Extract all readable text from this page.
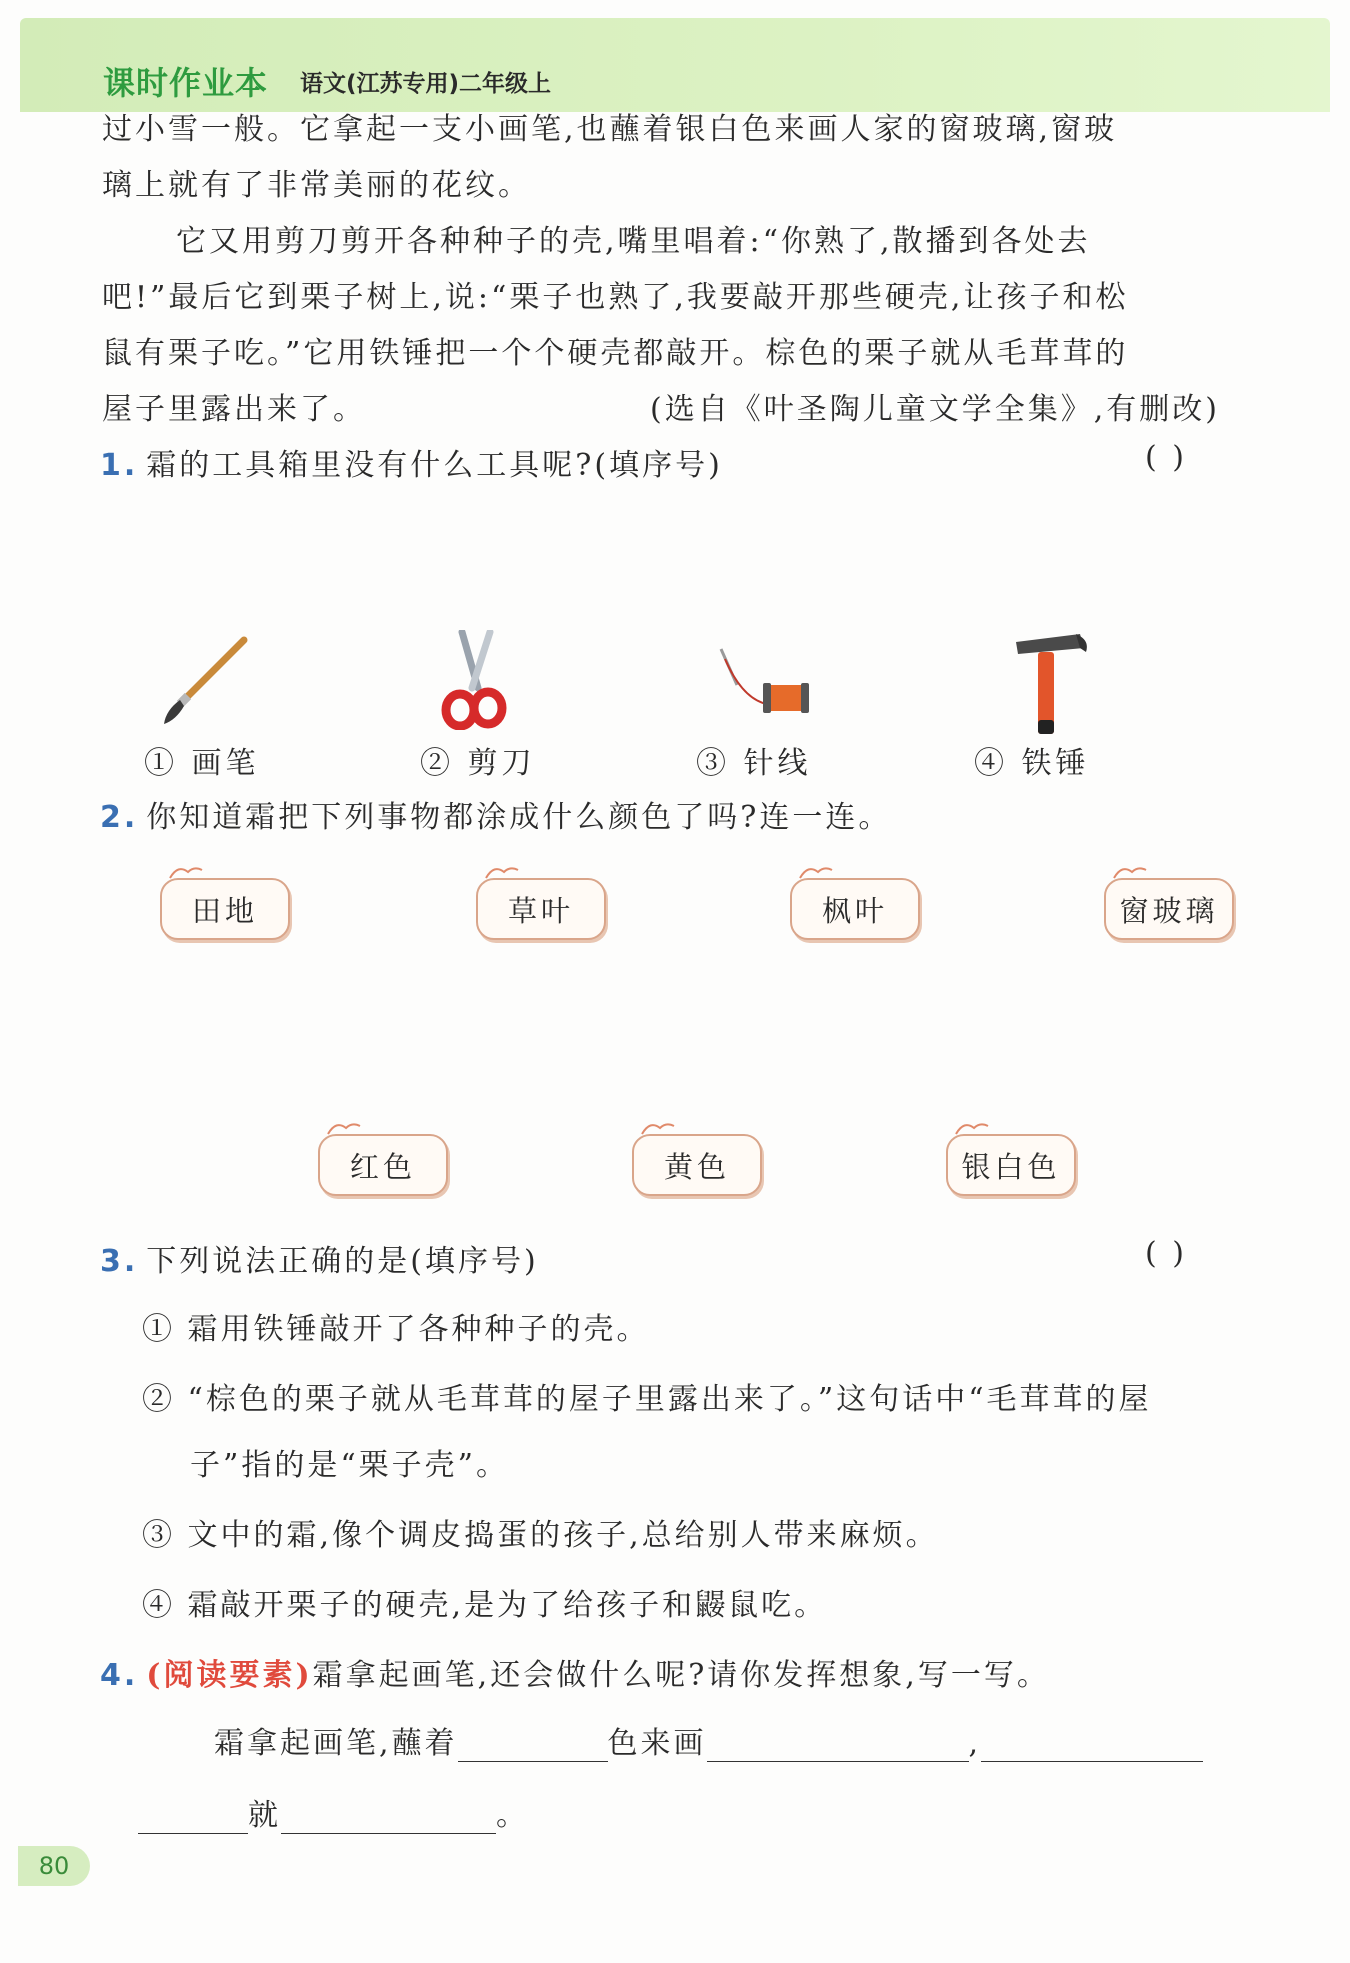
课时作业本 语文(江苏专用)二年级上
过小雪一般。它拿起一支小画笔,也蘸着银白色来画人家的窗玻璃,窗玻
璃上就有了非常美丽的花纹。
它又用剪刀剪开各种种子的壳,嘴里唱着:“你熟了,散播到各处去
吧!”最后它到栗子树上,说:“栗子也熟了,我要敲开那些硬壳,让孩子和松
鼠有栗子吃。”它用铁锤把一个个硬壳都敲开。棕色的栗子就从毛茸茸的
屋子里露出来了。	(选自《叶圣陶儿童文学全集》,有删改)
1. 霜的工具箱里没有什么工具呢?(填序号)	( )
① 画笔	② 剪刀	③ 针线	④ 铁锤
2. 你知道霜把下列事物都涂成什么颜色了吗?连一连。
田地	草叶	枫叶	窗玻璃
红色	黄色	银白色
3. 下列说法正确的是(填序号)	( )
① 霜用铁锤敲开了各种种子的壳。
② “棕色的栗子就从毛茸茸的屋子里露出来了。”这句话中“毛茸茸的屋
子”指的是“栗子壳”。
③ 文中的霜,像个调皮捣蛋的孩子,总给别人带来麻烦。
④ 霜敲开栗子的硬壳,是为了给孩子和鼹鼠吃。
4. (阅读要素)霜拿起画笔,还会做什么呢?请你发挥想象,写一写。
霜拿起画笔,蘸着	色来画	,
就	。
80
